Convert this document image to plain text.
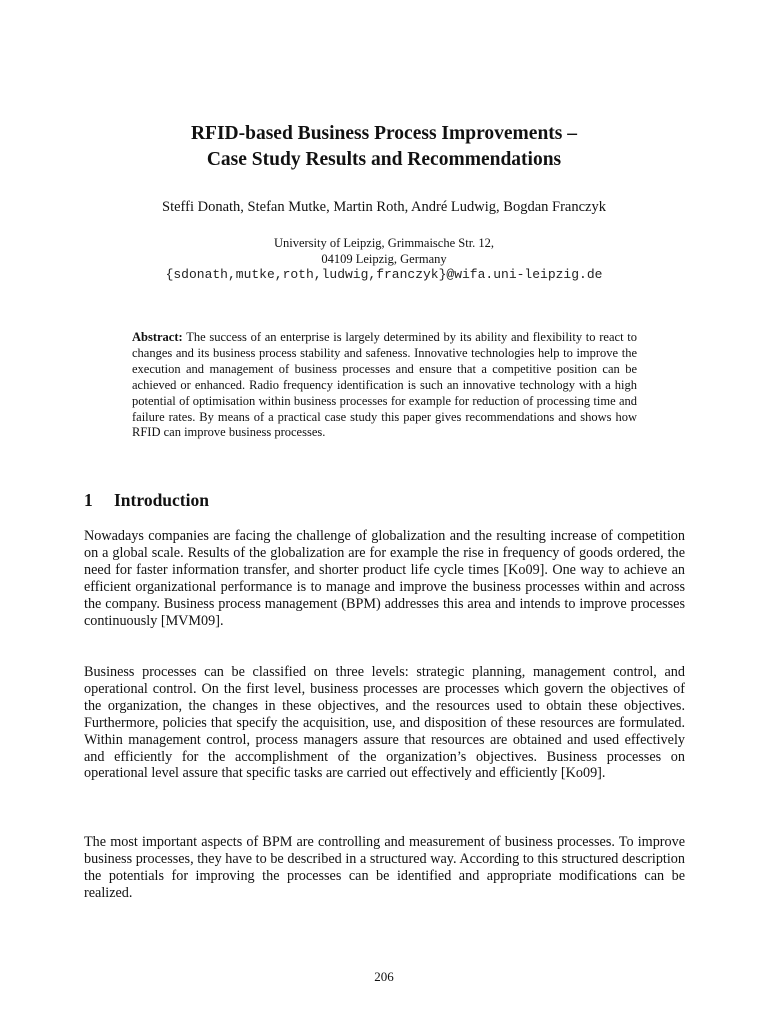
RFID-based Business Process Improvements –
Case Study Results and Recommendations

Steffi Donath, Stefan Mutke, Martin Roth, André Ludwig, Bogdan Franczyk

University of Leipzig, Grimmaische Str. 12,
04109 Leipzig, Germany
{sdonath,mutke,roth,ludwig,franczyk}@wifa.uni-leipzig.de

Abstract: The success of an enterprise is largely determined by its ability and flexibility to react to changes and its business process stability and safeness. Innovative technologies help to improve the execution and management of business processes and ensure that a competitive position can be achieved or enhanced. Radio frequency identification is such an innovative technology with a high potential of optimisation within business processes for example for reduction of processing time and failure rates. By means of a practical case study this paper gives recommendations and shows how RFID can improve business processes.

1 Introduction

Nowadays companies are facing the challenge of globalization and the resulting increase of competition on a global scale. Results of the globalization are for example the rise in frequency of goods ordered, the need for faster information transfer, and shorter product life cycle times [Ko09]. One way to achieve an efficient organizational performance is to manage and improve the business processes within and across the company. Business process management (BPM) addresses this area and intends to improve processes continuously [MVM09].

Business processes can be classified on three levels: strategic planning, management control, and operational control. On the first level, business processes are processes which govern the objectives of the organization, the changes in these objectives, and the resources used to obtain these objectives. Furthermore, policies that specify the acquisition, use, and disposition of these resources are formulated. Within management control, process managers assure that resources are obtained and used effectively and efficiently for the accomplishment of the organization’s objectives. Business processes on operational level assure that specific tasks are carried out effectively and efficiently [Ko09].

The most important aspects of BPM are controlling and measurement of business processes. To improve business processes, they have to be described in a structured way. According to this structured description the potentials for improving the processes can be identified and appropriate modifications can be realized.

206
